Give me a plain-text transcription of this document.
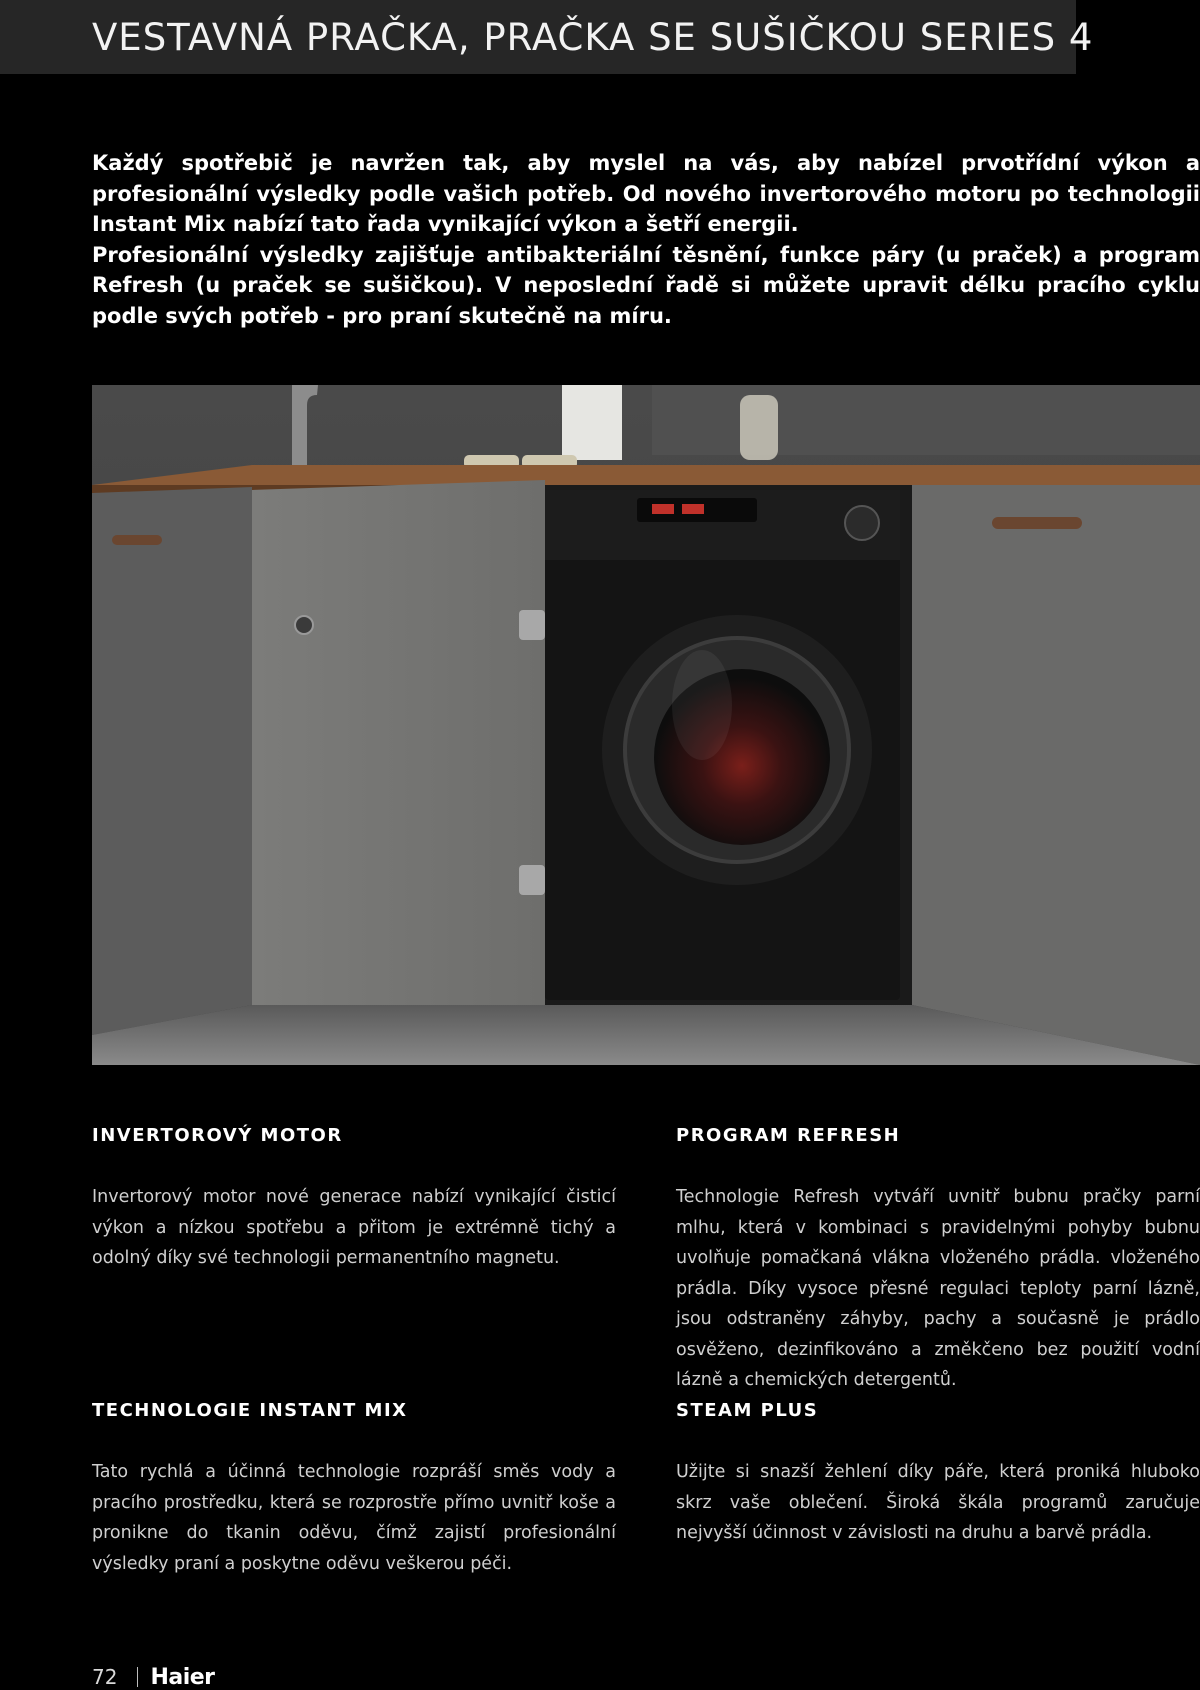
VESTAVNÁ PRAČKA, PRAČKA SE SUŠIČKOU SERIES 4

Každý spotřebič je navržen tak, aby myslel na vás, aby nabízel prvotřídní výkon a profesionální výsledky podle vašich potřeb. Od nového invertorového motoru po technologii Instant Mix nabízí tato řada vynikající výkon a šetří energii.

Profesionální výsledky zajišťuje antibakteriální těsnění, funkce páry (u praček) a program Refresh (u praček se sušičkou). V neposlední řadě si můžete upravit délku pracího cyklu podle svých potřeb - pro praní skutečně na míru.

INVERTOROVÝ MOTOR

Invertorový motor nové generace nabízí vynikající čisticí výkon a nízkou spotřebu a přitom je extrémně tichý a odolný díky své technologii permanentního magnetu.

PROGRAM REFRESH

Technologie Refresh vytváří uvnitř bubnu pračky parní mlhu, která v kombinaci s pravidelnými pohyby bubnu uvolňuje pomačkaná vlákna vloženého prádla. vloženého prádla. Díky vysoce přesné regulaci teploty parní lázně, jsou odstraněny záhyby, pachy a současně je prádlo osvěženo, dezinfikováno a změkčeno bez použití vodní lázně a chemických detergentů.

TECHNOLOGIE INSTANT MIX

Tato rychlá a účinná technologie rozpráší směs vody a pracího prostředku, která se rozprostře přímo uvnitř koše a pronikne do tkanin oděvu, čímž zajistí profesionální výsledky praní a poskytne oděvu veškerou péči.

STEAM PLUS

Užijte si snazší žehlení díky páře, která proniká hluboko skrz vaše oblečení. Široká škála programů zaručuje nejvyšší účinnost v závislosti na druhu a barvě prádla.

72 Haier
